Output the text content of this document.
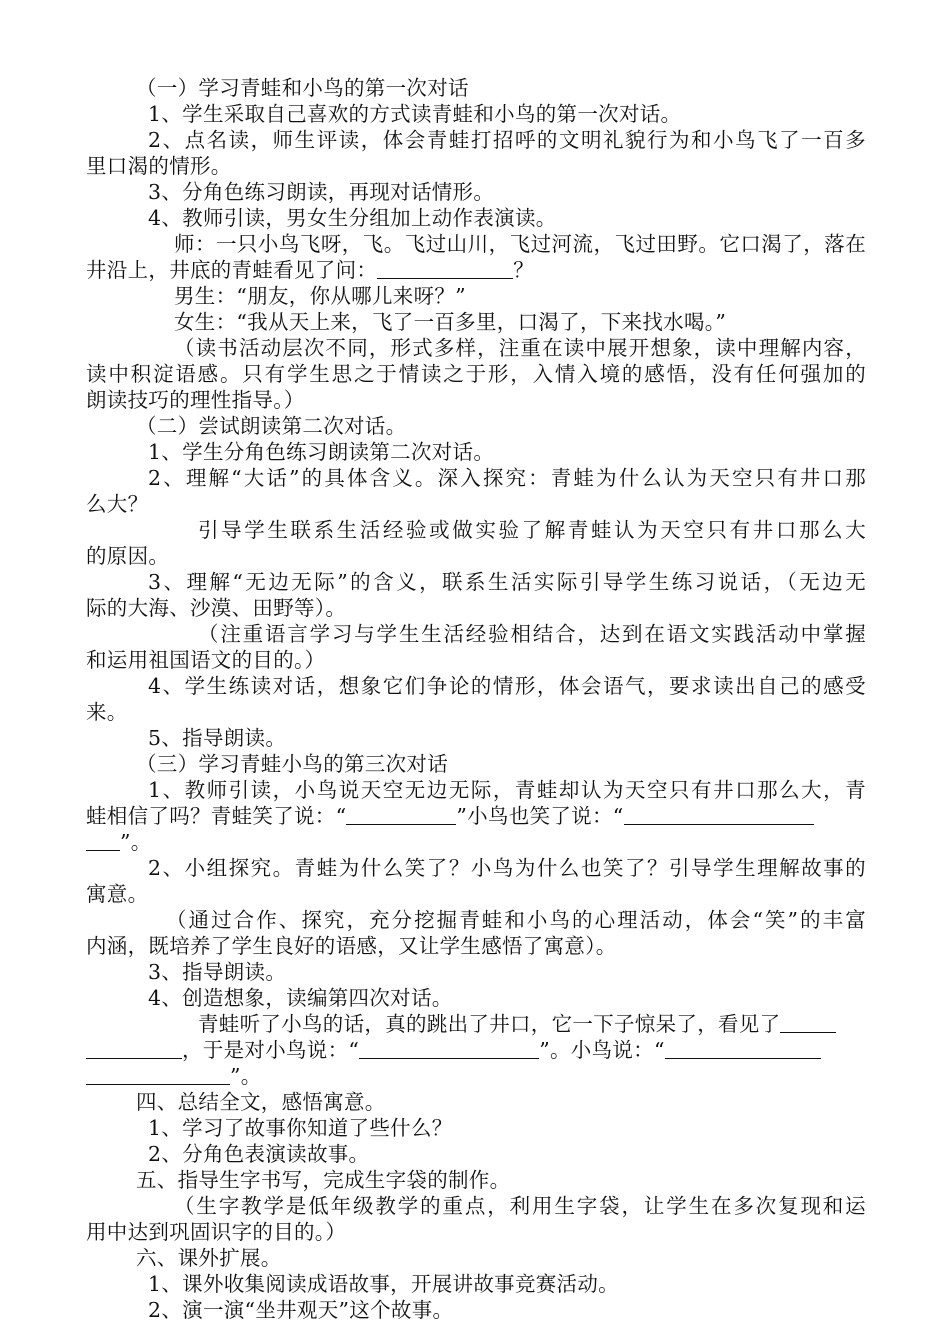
（一）学习青蛙和小鸟的第一次对话
1、学生采取自己喜欢的方式读青蛙和小鸟的第一次对话。
2、点名读，师生评读，体会青蛙打招呼的文明礼貌行为和小鸟飞了一百多
里口渴的情形。
3、分角色练习朗读，再现对话情形。
4、教师引读，男女生分组加上动作表演读。
师：一只小鸟飞呀，飞。飞过山川，飞过河流，飞过田野。它口渴了，落在
井沿上，井底的青蛙看见了问：	？
男生：“朋友，你从哪儿来呀？”
女生：“我从天上来，飞了一百多里，口渴了，下来找水喝。”
（读书活动层次不同，形式多样，注重在读中展开想象，读中理解内容，
读中积淀语感。只有学生思之于情读之于形，入情入境的感悟，没有任何强加的
朗读技巧的理性指导。）
（二）尝试朗读第二次对话。
1、学生分角色练习朗读第二次对话。
2、理解“大话”的具体含义。深入探究：青蛙为什么认为天空只有井口那
么大？
引导学生联系生活经验或做实验了解青蛙认为天空只有井口那么大
的原因。
3、理解“无边无际”的含义，联系生活实际引导学生练习说话，（无边无
际的大海、沙漠、田野等）。
（注重语言学习与学生生活经验相结合，达到在语文实践活动中掌握
和运用祖国语文的目的。）
4、学生练读对话，想象它们争论的情形，体会语气，要求读出自己的感受
来。
5、指导朗读。
（三）学习青蛙小鸟的第三次对话
1、教师引读，小鸟说天空无边无际，青蛙却认为天空只有井口那么大，青
蛙相信了吗？青蛙笑了说：“	”小鸟也笑了说：“
”。
2、小组探究。青蛙为什么笑了？小鸟为什么也笑了？引导学生理解故事的
寓意。
（通过合作、探究，充分挖掘青蛙和小鸟的心理活动，体会“笑”的丰富
内涵，既培养了学生良好的语感，又让学生感悟了寓意）。
3、指导朗读。
4、创造想象，读编第四次对话。
青蛙听了小鸟的话，真的跳出了井口，它一下子惊呆了，看见了
，于是对小鸟说：“	”。小鸟说：“
”。
四、总结全文，感悟寓意。
1、学习了故事你知道了些什么？
2、分角色表演读故事。
五、指导生字书写，完成生字袋的制作。
（生字教学是低年级教学的重点，利用生字袋，让学生在多次复现和运
用中达到巩固识字的目的。）
六、课外扩展。
1、课外收集阅读成语故事，开展讲故事竞赛活动。
2、演一演“坐井观天”这个故事。
